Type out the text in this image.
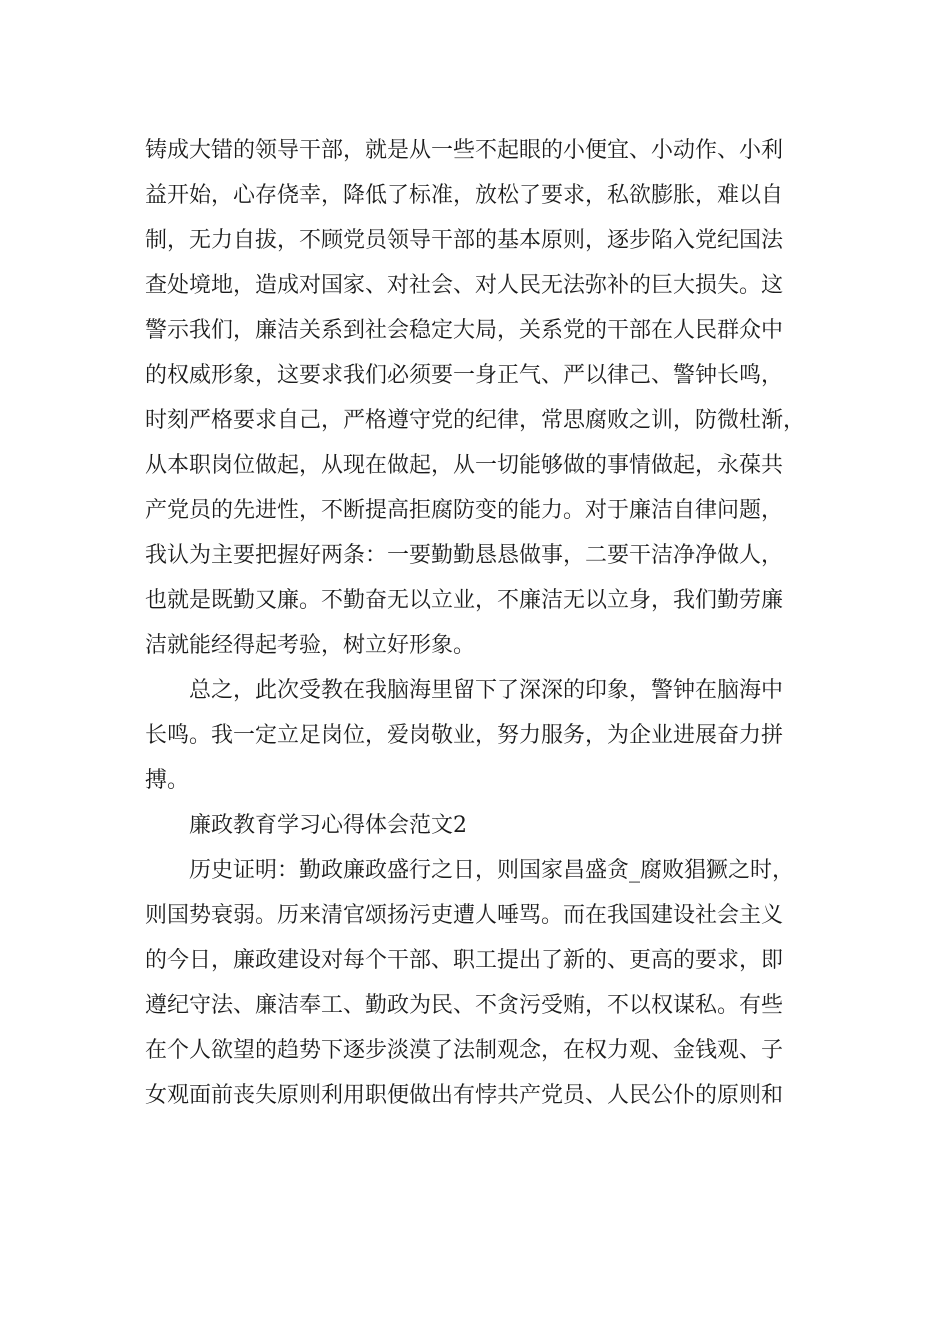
铸成大错的领导干部，就是从一些不起眼的小便宜、小动作、小利
益开始，心存侥幸，降低了标准，放松了要求，私欲膨胀，难以自
制，无力自拔，不顾党员领导干部的基本原则，逐步陷入党纪国法
查处境地，造成对国家、对社会、对人民无法弥补的巨大损失。这
警示我们，廉洁关系到社会稳定大局，关系党的干部在人民群众中
的权威形象，这要求我们必须要一身正气、严以律己、警钟长鸣，
时刻严格要求自己，严格遵守党的纪律，常思腐败之训，防微杜渐，
从本职岗位做起，从现在做起，从一切能够做的事情做起，永葆共
产党员的先进性，不断提高拒腐防变的能力。对于廉洁自律问题，
我认为主要把握好两条：一要勤勤恳恳做事，二要干洁净净做人，
也就是既勤又廉。不勤奋无以立业，不廉洁无以立身，我们勤劳廉
洁就能经得起考验，树立好形象。
总之，此次受教在我脑海里留下了深深的印象，警钟在脑海中
长鸣。我一定立足岗位，爱岗敬业，努力服务，为企业进展奋力拼
搏。
廉政教育学习心得体会范文2
历史证明：勤政廉政盛行之日，则国家昌盛贪_腐败猖獗之时，
则国势衰弱。历来清官颂扬污吏遭人唾骂。而在我国建设社会主义
的今日，廉政建设对每个干部、职工提出了新的、更高的要求，即
遵纪守法、廉洁奉工、勤政为民、不贪污受贿，不以权谋私。有些
在个人欲望的趋势下逐步淡漠了法制观念，在权力观、金钱观、子
女观面前丧失原则利用职便做出有悖共产党员、人民公仆的原则和
